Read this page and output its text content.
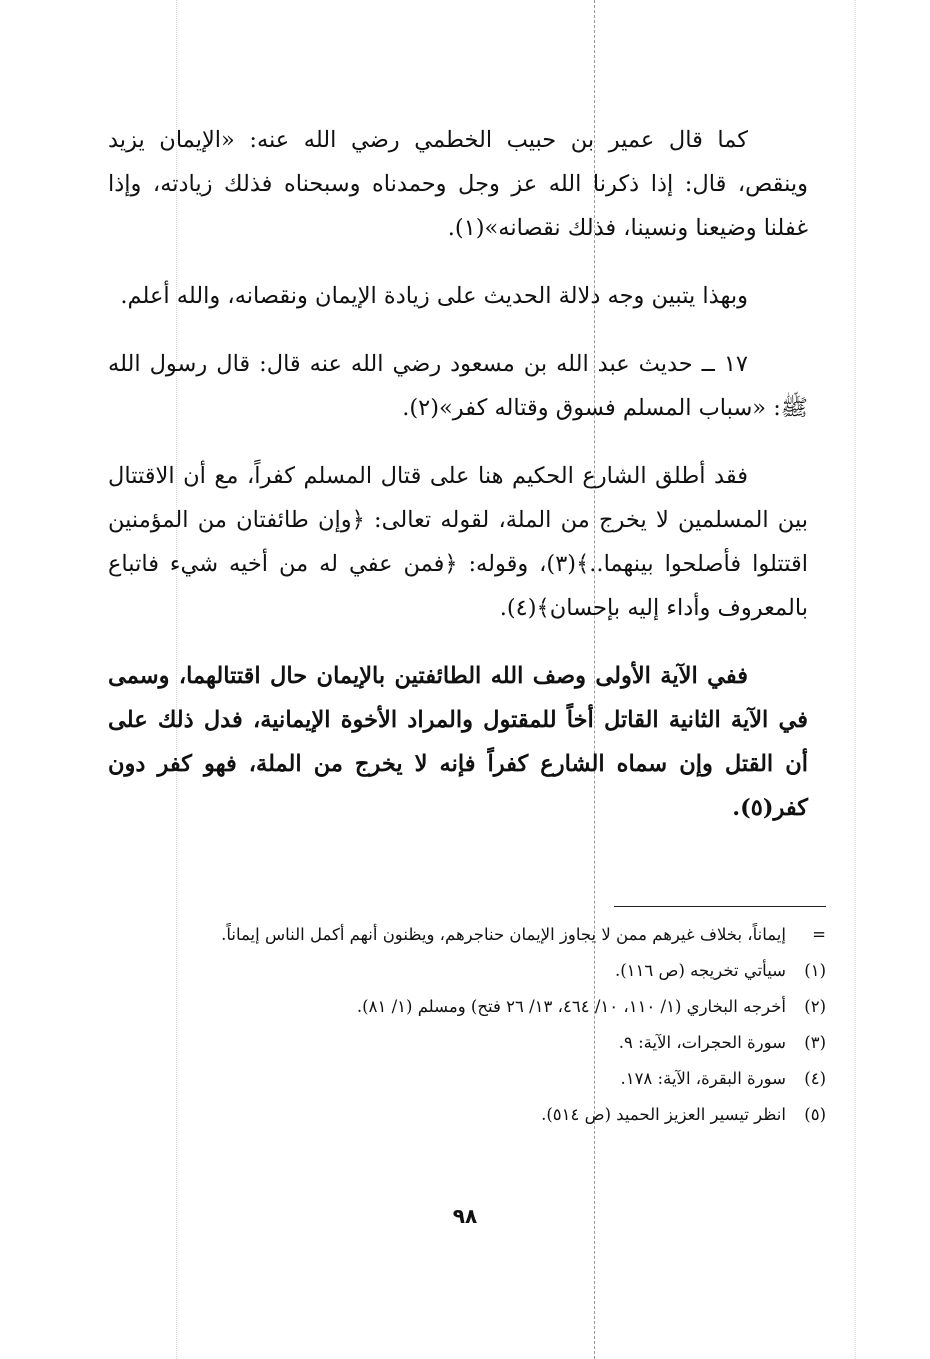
كما قال عمير بن حبيب الخطمي رضي الله عنه: «الإيمان يزيد وينقص، قال: إذا ذكرنا الله عز وجل وحمدناه وسبحناه فذلك زيادته، وإذا غفلنا وضيعنا ونسينا، فذلك نقصانه»(١).

وبهذا يتبين وجه دلالة الحديث على زيادة الإيمان ونقصانه، والله أعلم.

١٧ ــ حديث عبد الله بن مسعود رضي الله عنه قال: قال رسول الله ﷺ: «سباب المسلم فسوق وقتاله كفر»(٢).

فقد أطلق الشارع الحكيم هنا على قتال المسلم كفراً، مع أن الاقتتال بين المسلمين لا يخرج من الملة، لقوله تعالى: ﴿وإن طائفتان من المؤمنين اقتتلوا فأصلحوا بينهما..﴾(٣)، وقوله: ﴿فمن عفي له من أخيه شيء فاتباع بالمعروف وأداء إليه بإحسان﴾(٤).

ففي الآية الأولى وصف الله الطائفتين بالإيمان حال اقتتالهما، وسمى في الآية الثانية القاتل أخاً للمقتول والمراد الأخوة الإيمانية، فدل ذلك على أن القتل وإن سماه الشارع كفراً فإنه لا يخرج من الملة، فهو كفر دون كفر(٥).

=
إيماناً، بخلاف غيرهم ممن لا يجاوز الإيمان حناجرهم، ويظنون أنهم أكمل الناس إيماناً.
(١)
سيأتي تخريجه (ص ١١٦).
(٢)
أخرجه البخاري (١/ ١١٠، ١٠/ ٤٦٤، ١٣/ ٢٦ فتح) ومسلم (١/ ٨١).
(٣)
سورة الحجرات، الآية: ٩.
(٤)
سورة البقرة، الآية: ١٧٨.
(٥)
انظر تيسير العزيز الحميد (ص ٥١٤).
٩٨
